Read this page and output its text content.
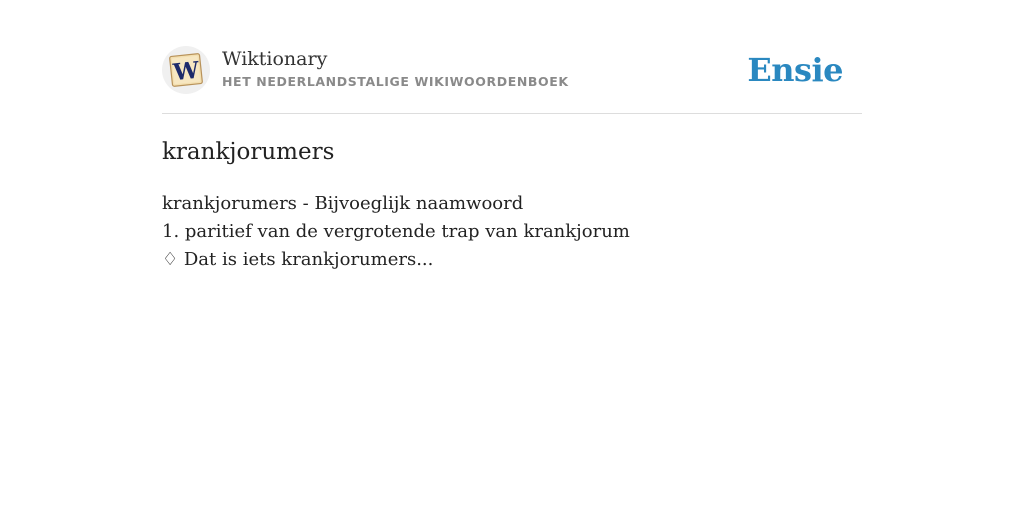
W Wiktionary
HET NEDERLANDSTALIGE WIKIWOORDENBOEK	Ensie
krankjorumers
krankjorumers - Bijvoeglijk naamwoord
1. paritief van de vergrotende trap van krankjorum
♢ Dat is iets krankjorumers...
